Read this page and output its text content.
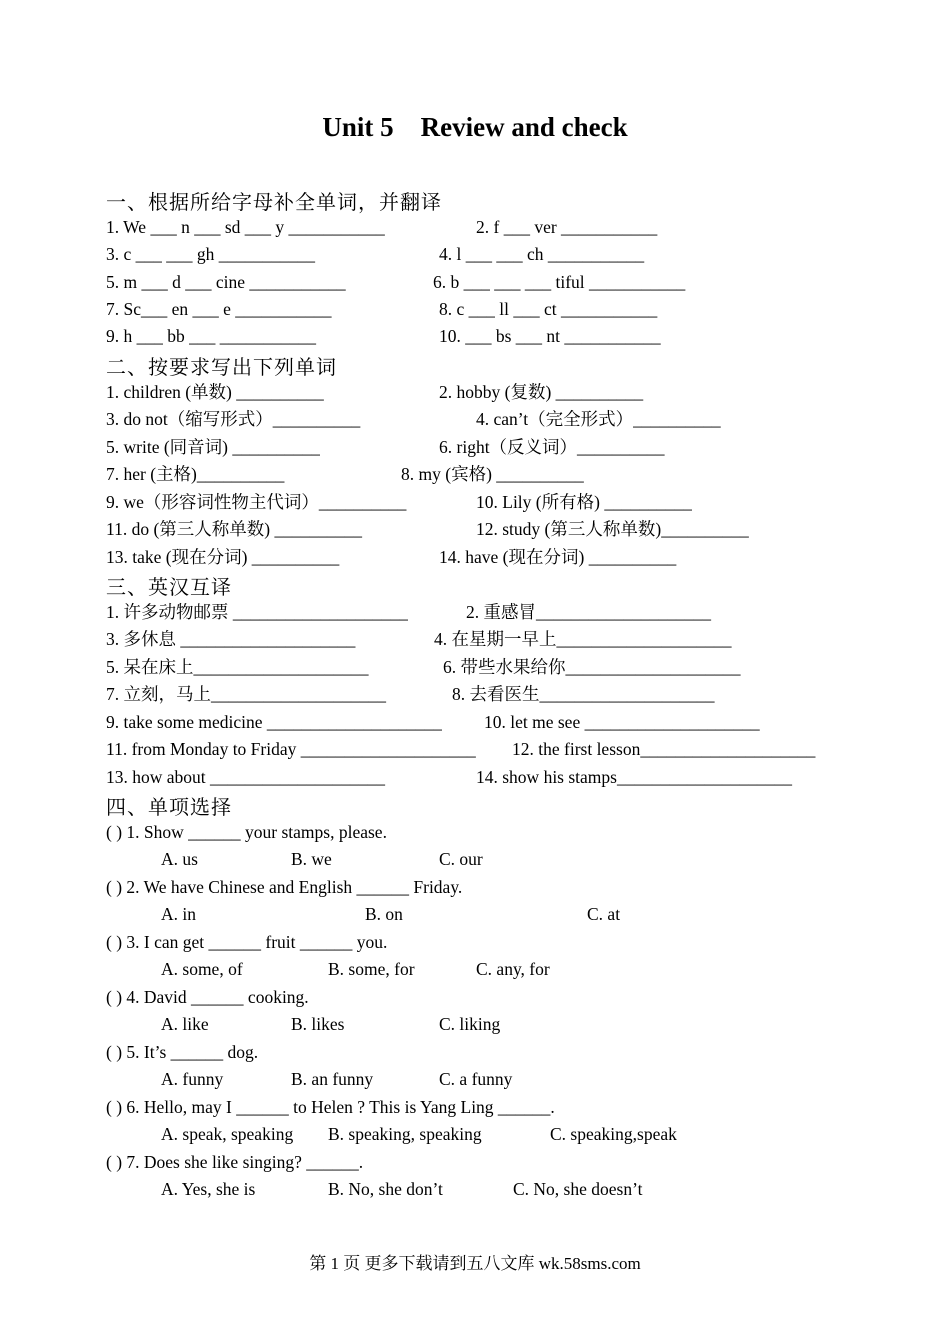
Unit 5    Review and check
一、根据所给字母补全单词，并翻译
1. We ___ n ___ sd ___ y ___________	2. f ___ ver ___________
3. c ___ ___ gh ___________	4. l ___ ___ ch ___________
5. m ___ d ___ cine ___________	6. b ___ ___ ___ tiful ___________
7. Sc___ en ___ e ___________	8. c ___ ll ___ ct ___________
9. h ___ bb ___ ___________	10. ___ bs ___ nt ___________
二、按要求写出下列单词
1. children (单数) __________	2. hobby (复数) __________
3. do not（缩写形式）__________	4. can’t（完全形式）__________
5. write (同音词) __________	6. right（反义词）__________
7. her (主格)__________	8. my (宾格) __________
9. we（形容词性物主代词）__________	10. Lily (所有格) __________
11. do (第三人称单数) __________	12. study (第三人称单数)__________
13. take (现在分词) __________	14. have (现在分词) __________
三、英汉互译
1. 许多动物邮票 ____________________	2. 重感冒____________________
3. 多休息 ____________________	4. 在星期一早上____________________
5. 呆在床上____________________	6. 带些水果给你____________________
7. 立刻，马上____________________	8. 去看医生____________________
9. take some medicine ____________________ 10. let me see ____________________
11. from Monday to Friday ____________________ 12. the first lesson____________________
13. how about ____________________	14. show his stamps____________________
四、单项选择
( ) 1. Show ______ your stamps, please.
A. us	B. we	C. our
( ) 2. We have Chinese and English ______ Friday.
A. in	B. on	C. at
( ) 3. I can get ______ fruit ______ you.
A. some, of	B. some, for	C. any, for
( ) 4. David ______ cooking.
A. like	B. likes	C. liking
( ) 5. It’s ______ dog.
A. funny	B. an funny	C. a funny
( ) 6. Hello, may I ______ to Helen ? This is Yang Ling ______.
A. speak, speaking B. speaking, speaking	C. speaking,speak
( ) 7. Does she like singing? ______.
A. Yes, she is	B. No, she don’t	C. No, she doesn’t
第 1 页 更多下载请到五八文库 wk.58sms.com
